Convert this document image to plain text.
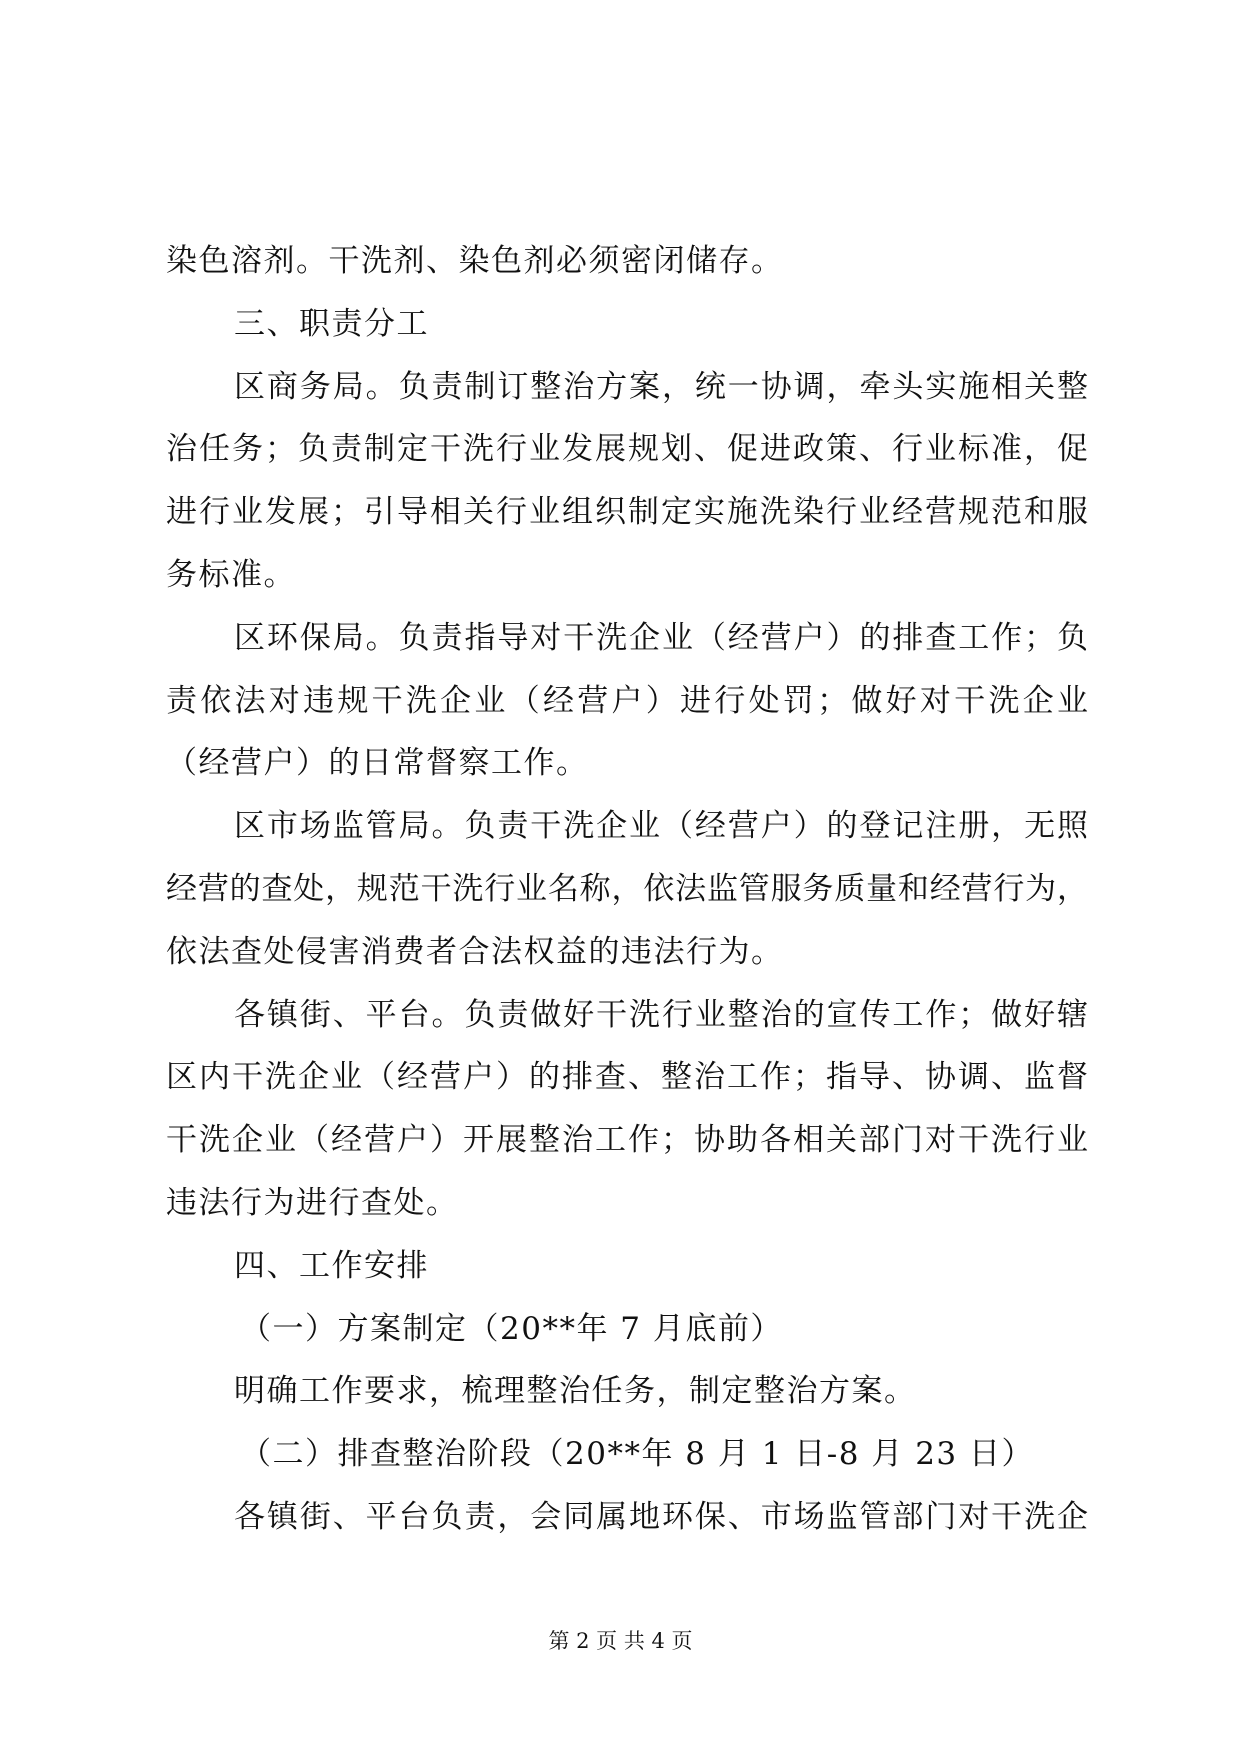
染色溶剂。干洗剂、染色剂必须密闭储存。
三、职责分工
区商务局。负责制订整治方案，统一协调，牵头实施相关整
治任务；负责制定干洗行业发展规划、促进政策、行业标准，促
进行业发展；引导相关行业组织制定实施洗染行业经营规范和服
务标准。
区环保局。负责指导对干洗企业（经营户）的排查工作；负
责依法对违规干洗企业（经营户）进行处罚；做好对干洗企业
（经营户）的日常督察工作。
区市场监管局。负责干洗企业（经营户）的登记注册，无照
经营的查处，规范干洗行业名称，依法监管服务质量和经营行为，
依法查处侵害消费者合法权益的违法行为。
各镇街、平台。负责做好干洗行业整治的宣传工作；做好辖
区内干洗企业（经营户）的排查、整治工作；指导、协调、监督
干洗企业（经营户）开展整治工作；协助各相关部门对干洗行业
违法行为进行查处。
四、工作安排
（一）方案制定（20**年 7 月底前）
明确工作要求，梳理整治任务，制定整治方案。
（二）排查整治阶段（20**年 8 月 1 日-8 月 23 日）
各镇街、平台负责，会同属地环保、市场监管部门对干洗企
第 2 页 共 4 页
